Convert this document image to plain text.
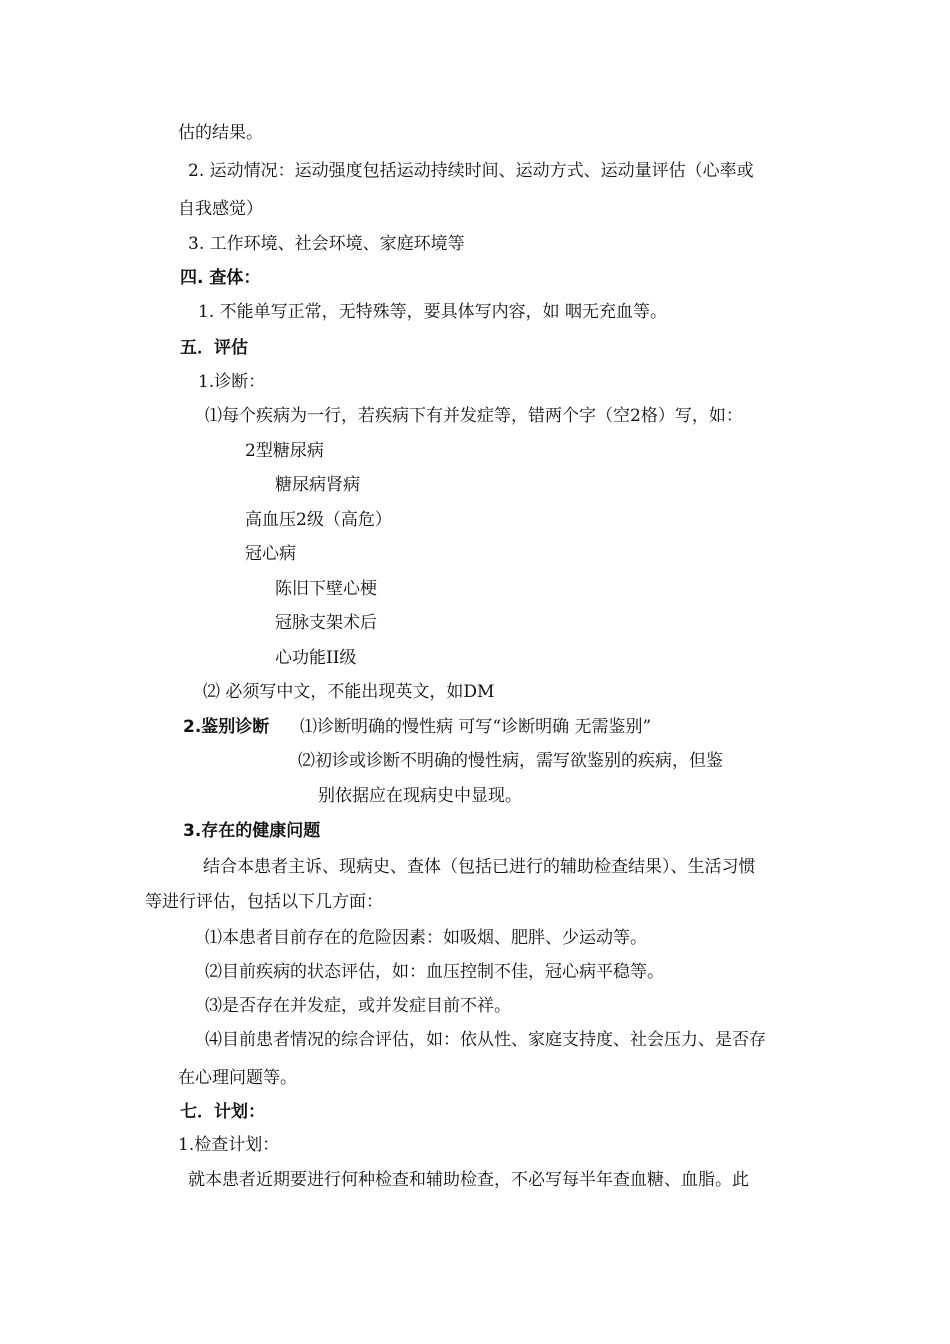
估的结果。
2. 运动情况：运动强度包括运动持续时间、运动方式、运动量评估（心率或
自我感觉）
3. 工作环境、社会环境、家庭环境等
四. 查体：
1. 不能单写正常，无特殊等，要具体写内容，如 咽无充血等。
五．评估
1.诊断：
⑴每个疾病为一行，若疾病下有并发症等，错两个字（空2格）写，如：
2型糖尿病
糖尿病肾病
高血压2级（高危）
冠心病
陈旧下壁心梗
冠脉支架术后
心功能II级
⑵ 必须写中文，不能出现英文，如DM
2.鉴别诊断 ⑴诊断明确的慢性病 可写“诊断明确 无需鉴别”
⑵初诊或诊断不明确的慢性病，需写欲鉴别的疾病，但鉴
别依据应在现病史中显现。
3.存在的健康问题
结合本患者主诉、现病史、查体（包括已进行的辅助检查结果）、生活习惯
等进行评估，包括以下几方面：
⑴本患者目前存在的危险因素：如吸烟、肥胖、少运动等。
⑵目前疾病的状态评估，如：血压控制不佳，冠心病平稳等。
⑶是否存在并发症，或并发症目前不祥。
⑷目前患者情况的综合评估，如：依从性、家庭支持度、社会压力、是否存
在心理问题等。
七．计划：
1.检查计划：
就本患者近期要进行何种检查和辅助检查，不必写每半年查血糖、血脂。此
